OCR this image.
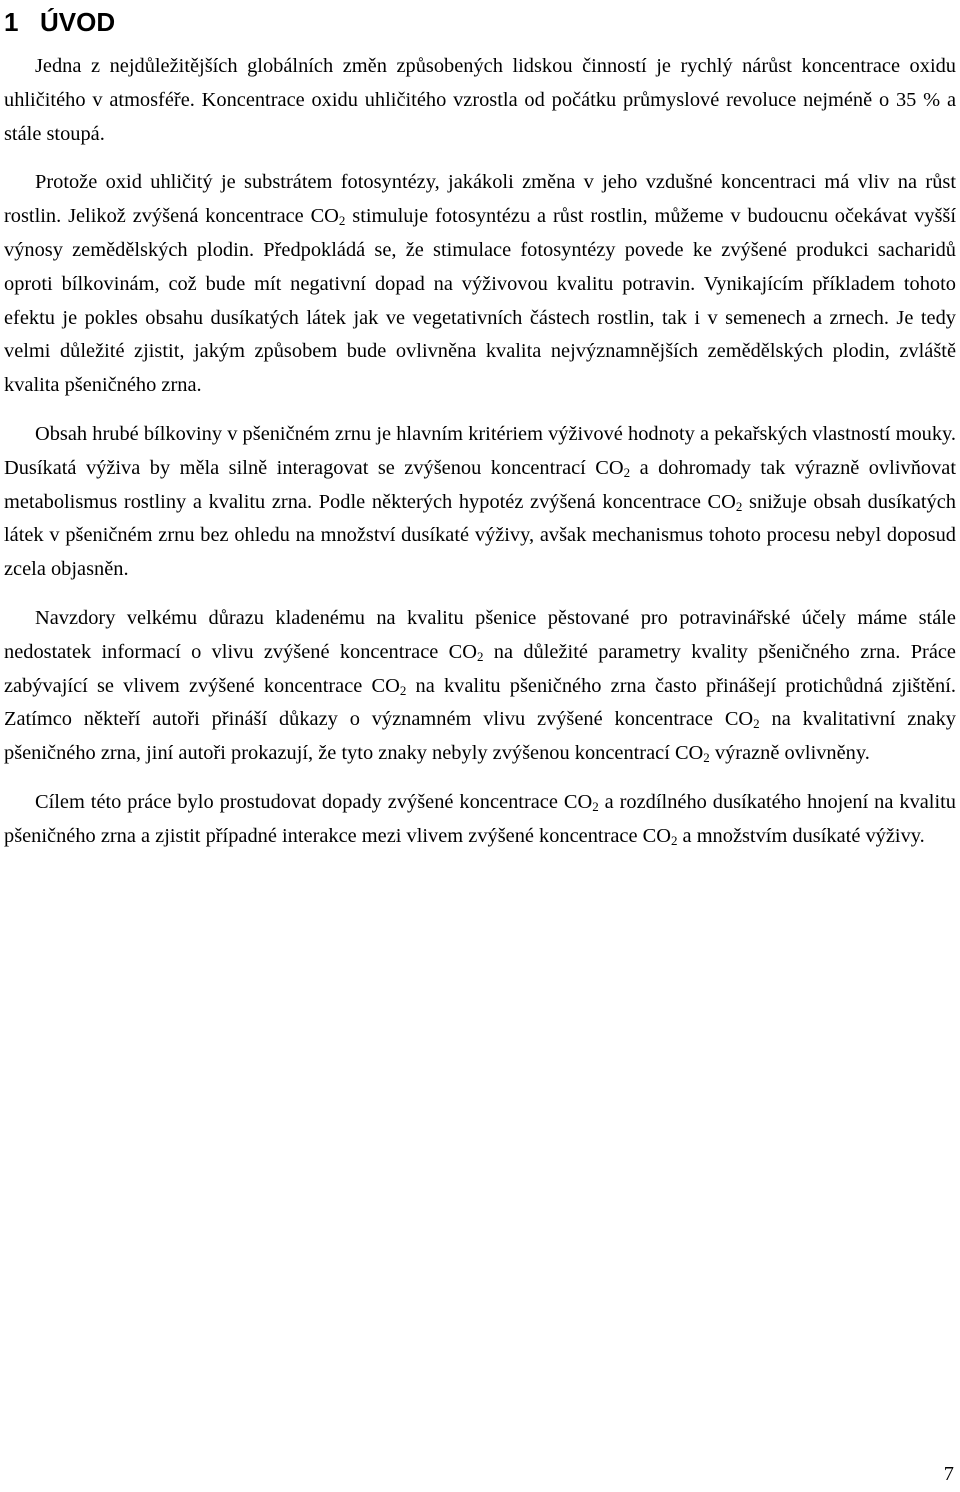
1 ÚVOD

Jedna z nejdůležitějších globálních změn způsobených lidskou činností je rychlý nárůst koncentrace oxidu uhličitého v atmosféře. Koncentrace oxidu uhličitého vzrostla od počátku průmyslové revoluce nejméně o 35 % a stále stoupá.

Protože oxid uhličitý je substrátem fotosyntézy, jakákoli změna v jeho vzdušné koncentraci má vliv na růst rostlin. Jelikož zvýšená koncentrace $CO_2$ stimuluje fotosyntézu a růst rostlin, můžeme v budoucnu očekávat vyšší výnosy zemědělských plodin. Předpokládá se, že stimulace fotosyntézy povede ke zvýšené produkci sacharidů oproti bílkovinám, což bude mít negativní dopad na výživovou kvalitu potravin. Vynikajícím příkladem tohoto efektu je pokles obsahu dusíkatých látek jak ve vegetativních částech rostlin, tak i v semenech a zrnech. Je tedy velmi důležité zjistit, jakým způsobem bude ovlivněna kvalita nejvýznamnějších zemědělských plodin, zvláště kvalita pšeničného zrna.

Obsah hrubé bílkoviny v pšeničném zrnu je hlavním kritériem výživové hodnoty a pekařských vlastností mouky. Dusíkatá výživa by měla silně interagovat se zvýšenou koncentrací $CO_2$ a dohromady tak výrazně ovlivňovat metabolismus rostliny a kvalitu zrna. Podle některých hypotéz zvýšená koncentrace $CO_2$ snižuje obsah dusíkatých látek v pšeničném zrnu bez ohledu na množství dusíkaté výživy, avšak mechanismus tohoto procesu nebyl doposud zcela objasněn.

Navzdory velkému důrazu kladenému na kvalitu pšenice pěstované pro potravinářské účely máme stále nedostatek informací o vlivu zvýšené koncentrace $CO_2$ na důležité parametry kvality pšeničného zrna. Práce zabývající se vlivem zvýšené koncentrace $CO_2$ na kvalitu pšeničného zrna často přinášejí protichůdná zjištění. Zatímco někteří autoři přináší důkazy o významném vlivu zvýšené koncentrace $CO_2$ na kvalitativní znaky pšeničného zrna, jiní autoři prokazují, že tyto znaky nebyly zvýšenou koncentrací $CO_2$ výrazně ovlivněny.

Cílem této práce bylo prostudovat dopady zvýšené koncentrace $CO_2$ a rozdílného dusíkatého hnojení na kvalitu pšeničného zrna a zjistit případné interakce mezi vlivem zvýšené koncentrace $CO_2$ a množstvím dusíkaté výživy.

7
